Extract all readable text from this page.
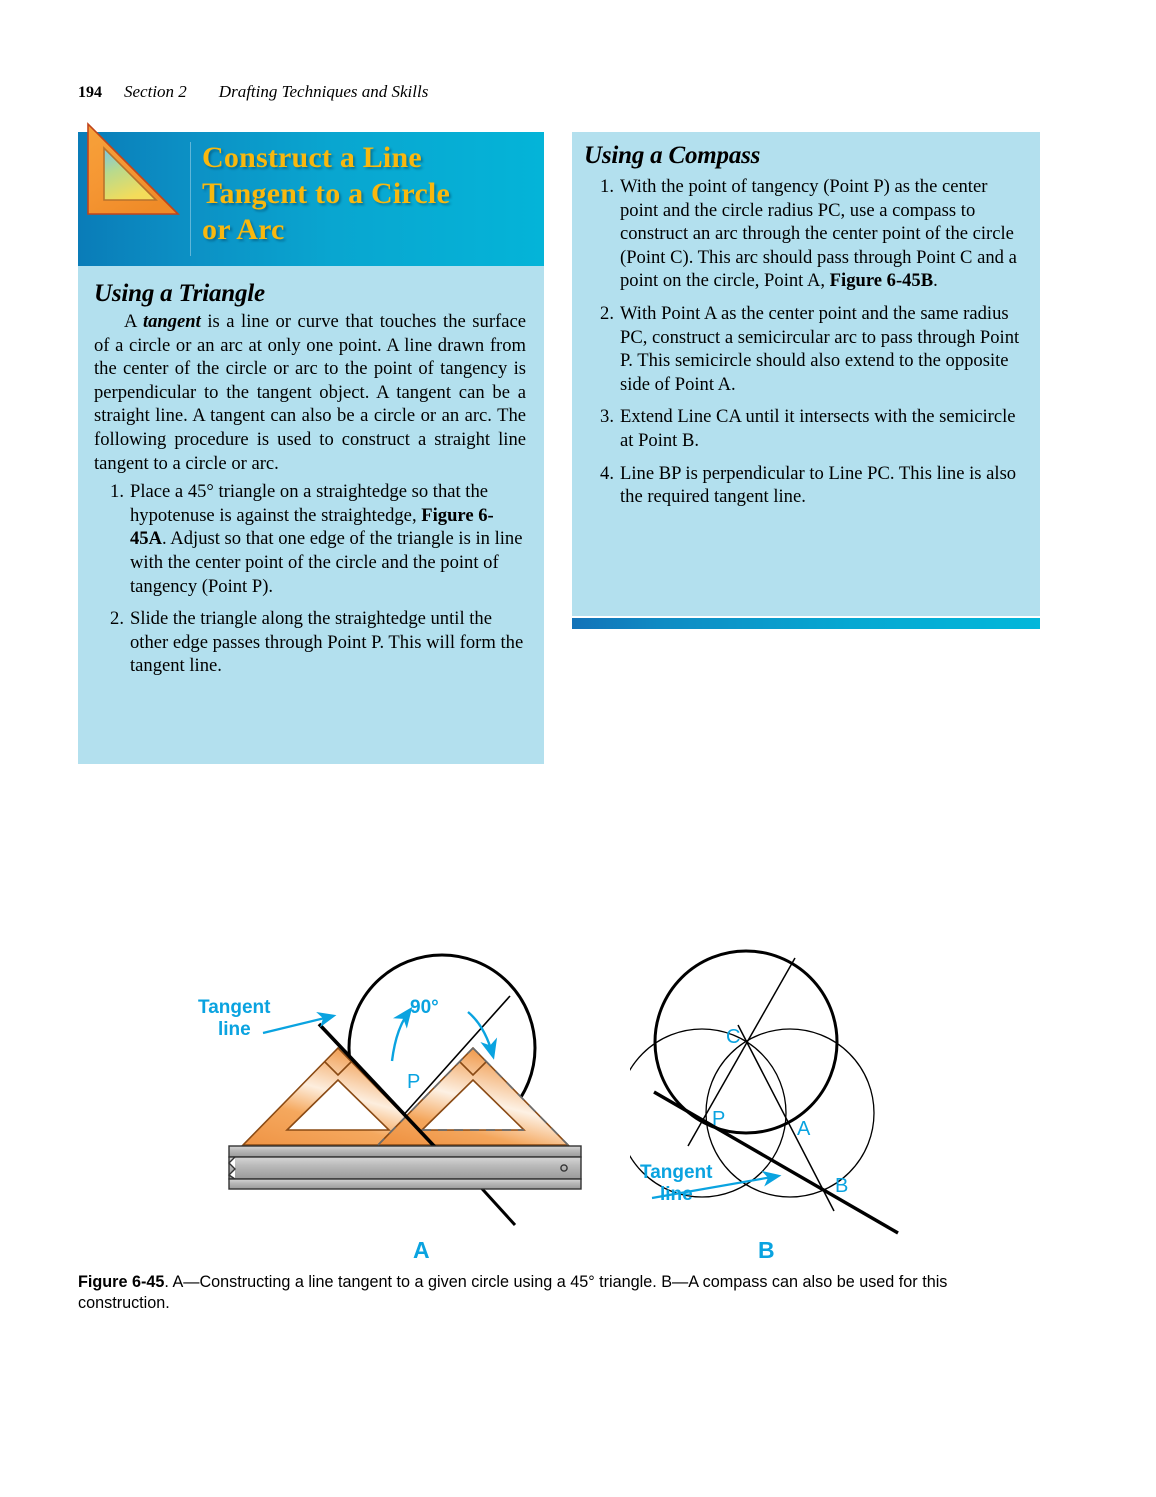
194 Section 2 Drafting Techniques and Skills
Construct a Line
Tangent to a Circle
or Arc
Using a Triangle

A tangent is a line or curve that touches the surface of a circle or an arc at only one point. A line drawn from the center of the circle or arc to the point of tangency is perpendicular to the tangent object. A tangent can be a straight line. A tangent can also be a circle or an arc. The following procedure is used to construct a straight line tangent to a circle or arc.

Place a 45° triangle on a straightedge so that the hypotenuse is against the straightedge, Figure 6-45A. Adjust so that one edge of the triangle is in line with the center point of the circle and the point of tangency (Point P).
Slide the triangle along the straightedge until the other edge passes through Point P. This will form the tangent line.
Using a Compass
With the point of tangency (Point P) as the center point and the circle radius PC, use a compass to construct an arc through the center point of the circle (Point C). This arc should pass through Point C and a point on the circle, Point A, Figure 6-45B.
With Point A as the center point and the same radius PC, construct a semicircular arc to pass through Point P. This semicircle should also extend to the opposite side of Point A.
Extend Line CA until it intersects with the semicircle at Point B.
Line BP is perpendicular to Line PC. This line is also the required tangent line.
90°
P
Tangent
line	C
P	A
B
Tangent
line
A	B
Figure 6-45. A—Constructing a line tangent to a given circle using a 45° triangle. B—A compass can also be used for this construction.
